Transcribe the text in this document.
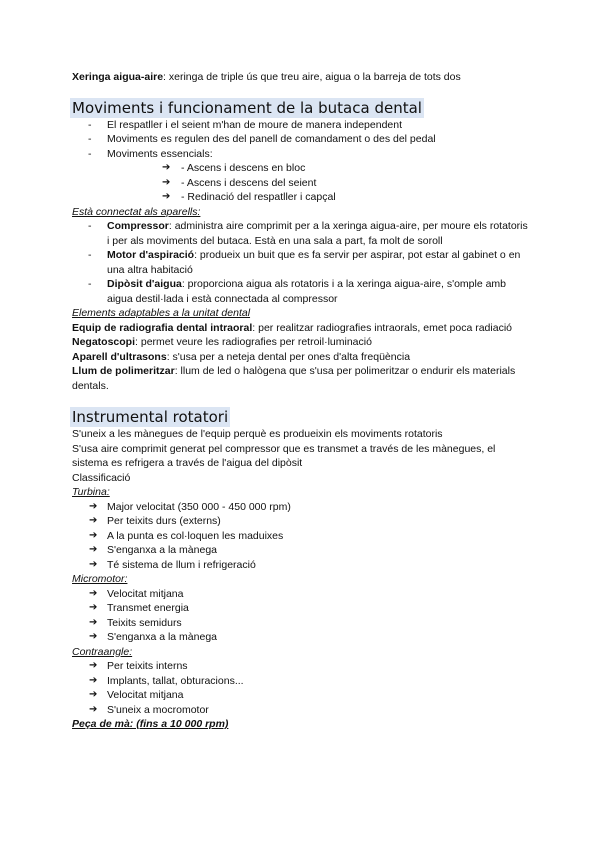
Xeringa aigua-aire: xeringa de triple ús que treu aire, aigua o la barreja de tots dos

Moviments i funcionament de la butaca dental

- El respatller i el seient m'han de moure de manera independent
- Moviments es regulen des del panell de comandament o des del pedal
- Moviments essencials:
➔ - Ascens i descens en bloc
➔ - Ascens i descens del seient
➔ - Redinació del respatller i capçal

Està connectat als aparells:

- Compressor: administra aire comprimit per a la xeringa aigua-aire, per moure els rotatoris i per als moviments del butaca. Està en una sala a part, fa molt de soroll
- Motor d'aspiració: produeix un buit que es fa servir per aspirar, pot estar al gabinet o en una altra habitació
- Dipòsit d'aigua: proporciona aigua als rotatoris i a la xeringa aigua-aire, s'omple amb aigua destil·lada i està connectada al compressor

Elements adaptables a la unitat dental

Equip de radiografia dental intraoral: per realitzar radiografies intraorals, emet poca radiació

Negatoscopi: permet veure les radiografies per retroil·luminació

Aparell d'ultrasons: s'usa per a neteja dental per ones d'alta freqüència

Llum de polimeritzar: llum de led o halògena que s'usa per polimeritzar o endurir els materials dentals.

Instrumental rotatori

S'uneix a les mànegues de l'equip perquè es produeixin els moviments rotatoris

S'usa aire comprimit generat pel compressor que es transmet a través de les mànegues, el sistema es refrigera a través de l'aigua del dipòsit

Classificació

Turbina:

➔ Major velocitat (350 000 - 450 000 rpm)
➔ Per teixits durs (externs)
➔ A la punta es col·loquen les maduixes
➔ S'enganxa a la mànega
➔ Té sistema de llum i refrigeració

Micromotor:

➔ Velocitat mitjana
➔ Transmet energia
➔ Teixits semidurs
➔ S'enganxa a la mànega

Contraangle:

➔ Per teixits interns
➔ Implants, tallat, obturacions...
➔ Velocitat mitjana
➔ S'uneix a mocromotor

Peça de mà: (fins a 10 000 rpm)
